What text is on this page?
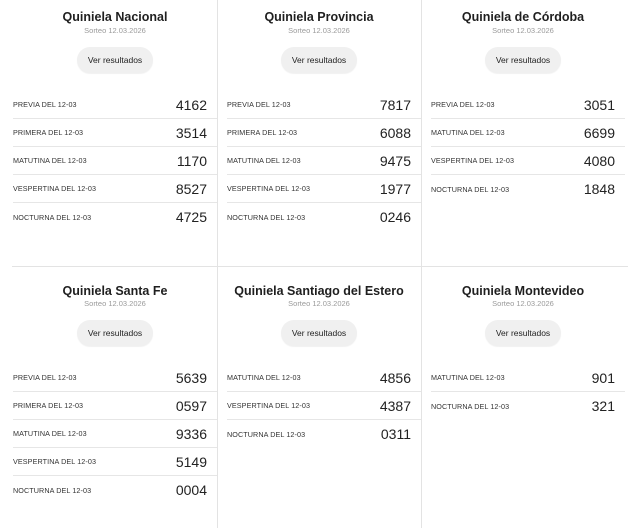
Quiniela Nacional
Sorteo 12.03.2026
Ver resultados
PREVIA DEL 12-03	4162
PRIMERA DEL 12-03	3514
MATUTINA DEL 12-03	1170
VESPERTINA DEL 12-03	8527
NOCTURNA DEL 12-03	4725
Quiniela Provincia
Sorteo 12.03.2026
Ver resultados
PREVIA DEL 12-03	7817
PRIMERA DEL 12-03	6088
MATUTINA DEL 12-03	9475
VESPERTINA DEL 12-03	1977
NOCTURNA DEL 12-03	0246
Quiniela de Córdoba
Sorteo 12.03.2026
Ver resultados
PREVIA DEL 12-03	3051
MATUTINA DEL 12-03	6699
VESPERTINA DEL 12-03	4080
NOCTURNA DEL 12-03	1848
Quiniela Santa Fe
Sorteo 12.03.2026
Ver resultados
PREVIA DEL 12-03	5639
PRIMERA DEL 12-03	0597
MATUTINA DEL 12-03	9336
VESPERTINA DEL 12-03	5149
NOCTURNA DEL 12-03	0004
Quiniela Santiago del Estero
Sorteo 12.03.2026
Ver resultados
MATUTINA DEL 12-03	4856
VESPERTINA DEL 12-03	4387
NOCTURNA DEL 12-03	0311
Quiniela Montevideo
Sorteo 12.03.2026
Ver resultados
MATUTINA DEL 12-03	901
NOCTURNA DEL 12-03	321
